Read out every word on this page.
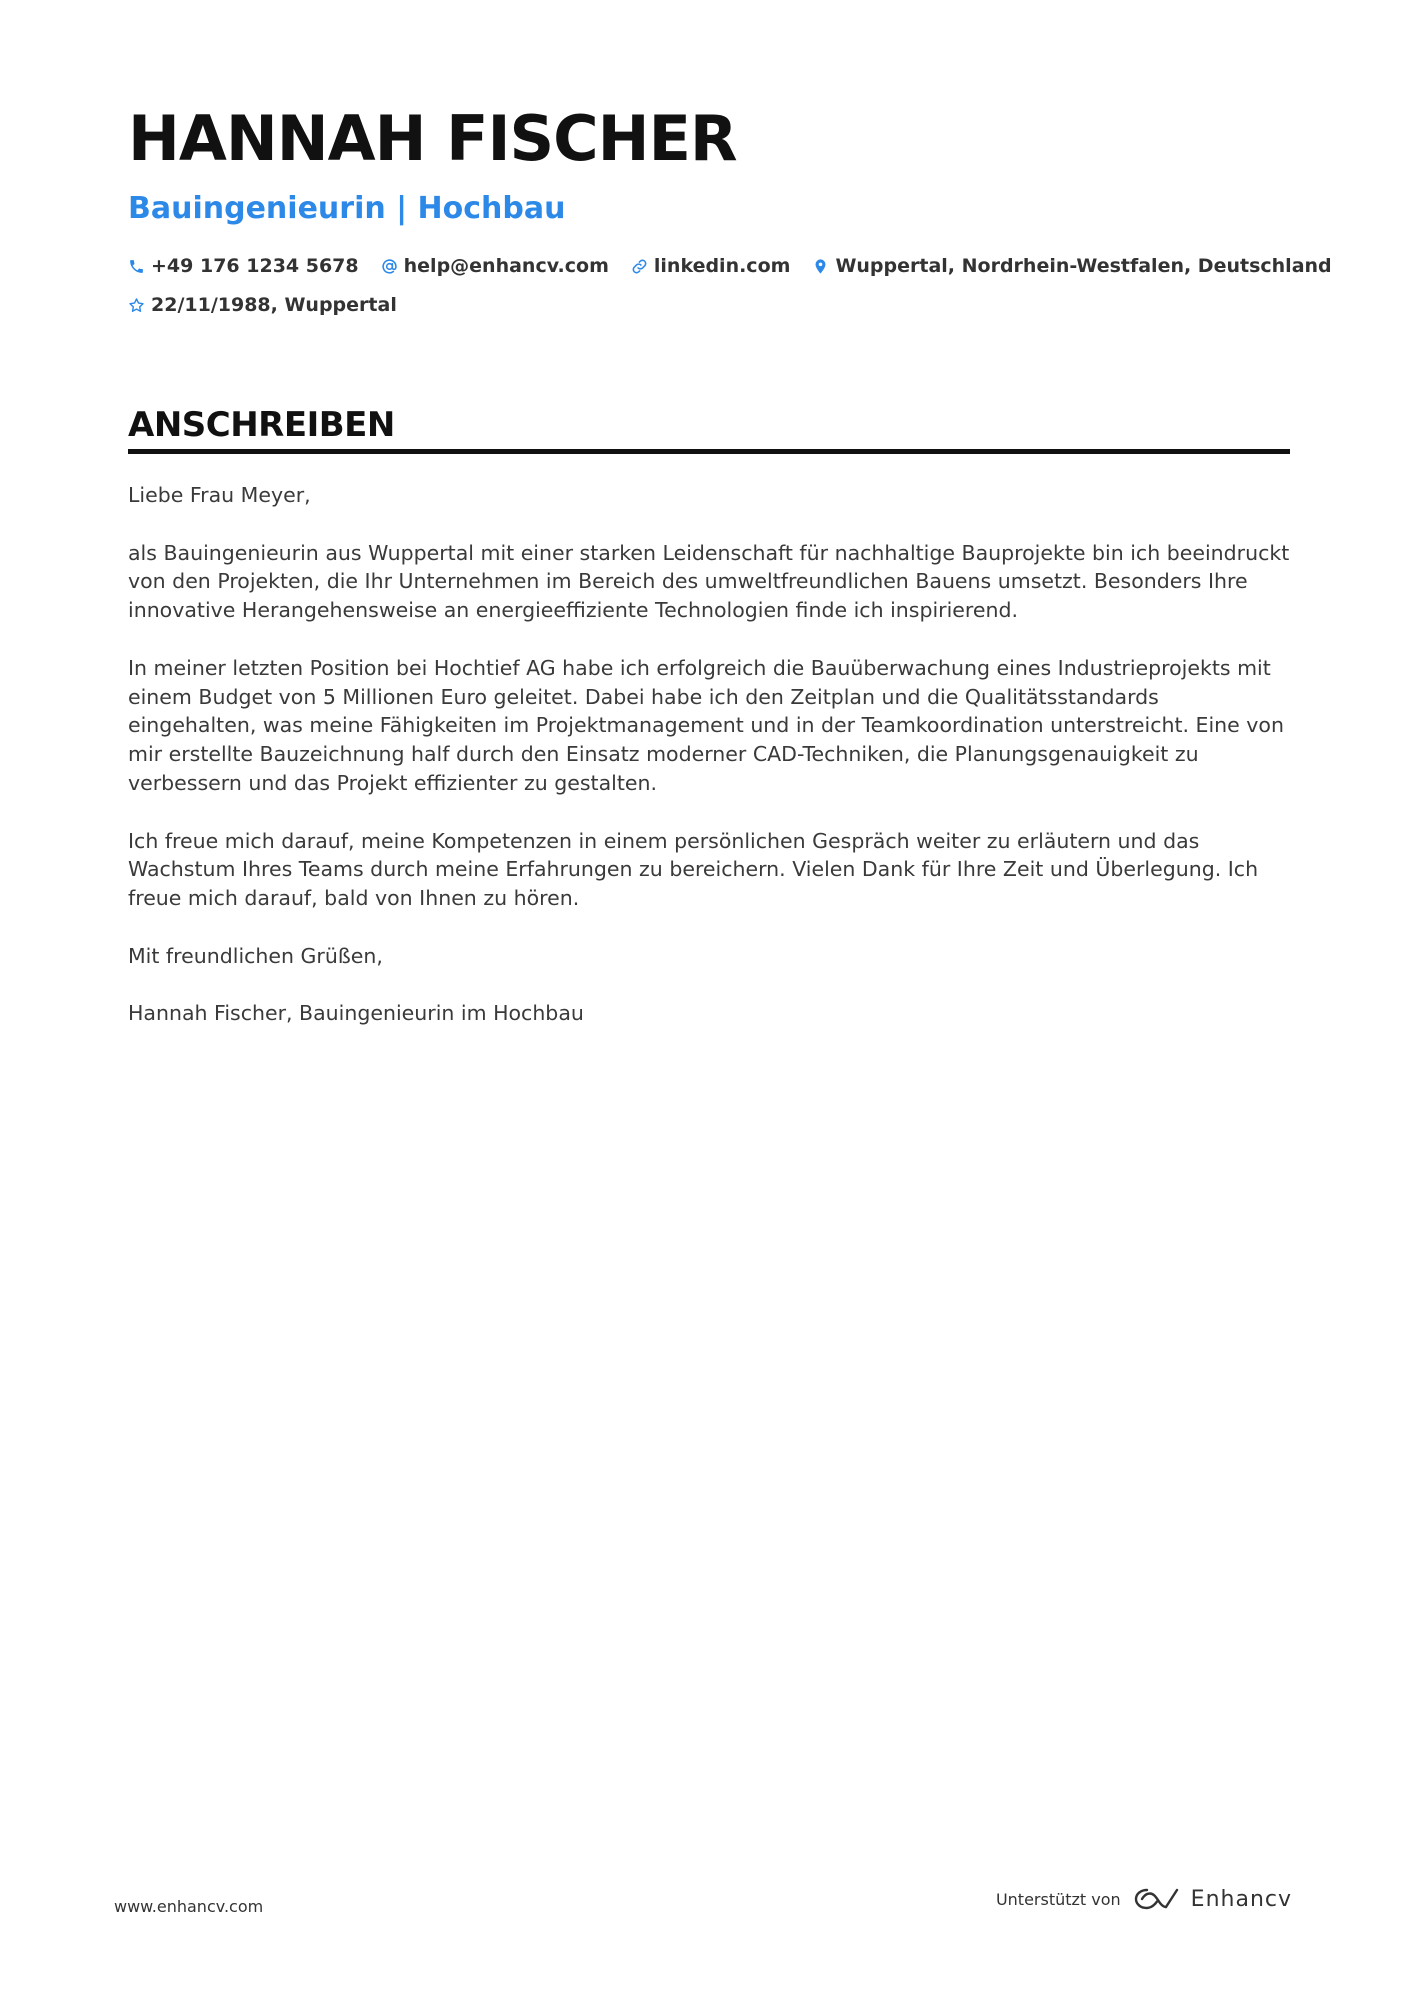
HANNAH FISCHER
Bauingenieurin | Hochbau
+49 176 1234 5678 help@enhancv.com linkedin.com Wuppertal, Nordrhein-Westfalen, Deutschland
22/11/1988, Wuppertal
ANSCHREIBEN

Liebe Frau Meyer,

als Bauingenieurin aus Wuppertal mit einer starken Leidenschaft für nachhaltige Bauprojekte bin ich beeindruckt von den Projekten, die Ihr Unternehmen im Bereich des umweltfreundlichen Bauens umsetzt. Besonders Ihre innovative Herangehensweise an energieeffiziente Technologien finde ich inspirierend.

In meiner letzten Position bei Hochtief AG habe ich erfolgreich die Bauüberwachung eines Industrieprojekts mit einem Budget von 5 Millionen Euro geleitet. Dabei habe ich den Zeitplan und die Qualitätsstandards eingehalten, was meine Fähigkeiten im Projektmanagement und in der Teamkoordination unterstreicht. Eine von mir erstellte Bauzeichnung half durch den Einsatz moderner CAD-Techniken, die Planungsgenauigkeit zu verbessern und das Projekt effizienter zu gestalten.

Ich freue mich darauf, meine Kompetenzen in einem persönlichen Gespräch weiter zu erläutern und das Wachstum Ihres Teams durch meine Erfahrungen zu bereichern. Vielen Dank für Ihre Zeit und Überlegung. Ich freue mich darauf, bald von Ihnen zu hören.

Mit freundlichen Grüßen,

Hannah Fischer, Bauingenieurin im Hochbau

www.enhancv.com	Unterstützt von	Enhancv
